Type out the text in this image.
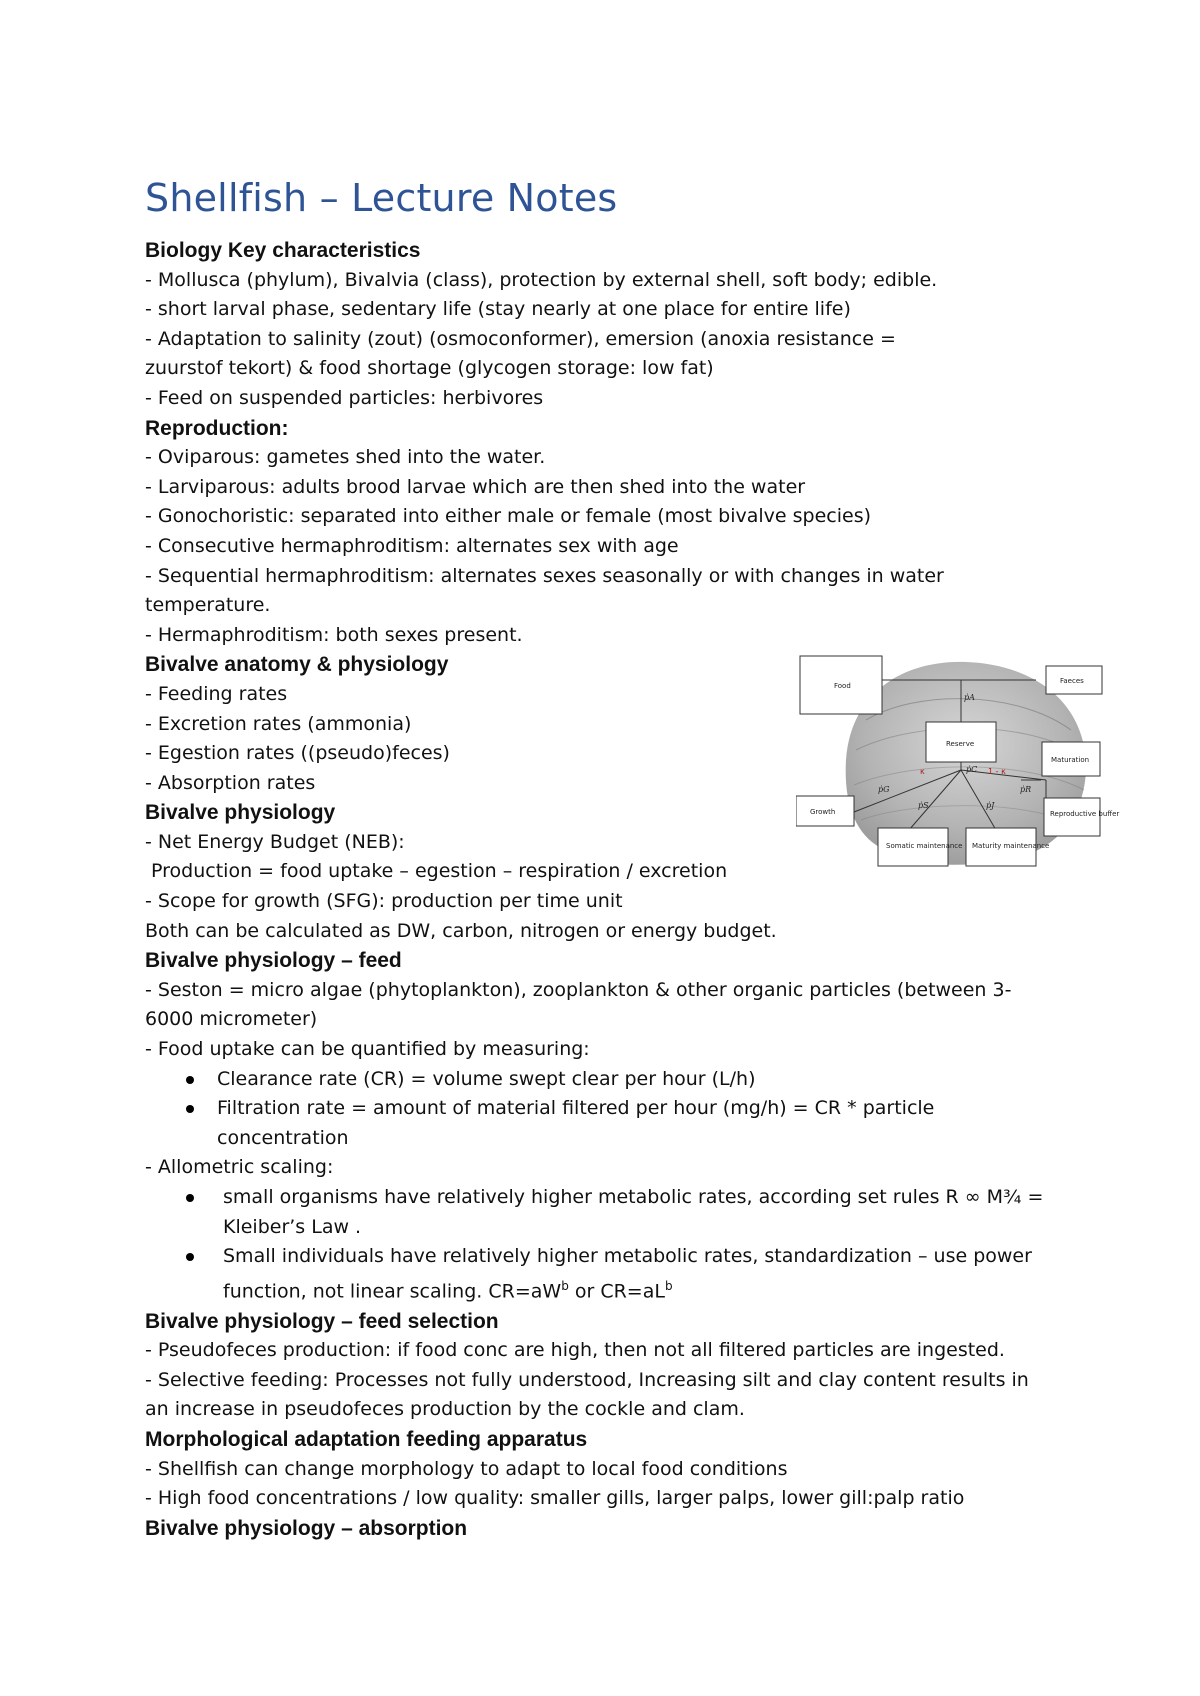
Shellfish – Lecture Notes
Biology Key characteristics
- Mollusca (phylum), Bivalvia (class), protection by external shell, soft body; edible.
- short larval phase, sedentary life (stay nearly at one place for entire life)
- Adaptation to salinity (zout) (osmoconformer), emersion (anoxia resistance = zuurstof tekort) & food shortage (glycogen storage: low fat)
- Feed on suspended particles: herbivores
Reproduction:
- Oviparous: gametes shed into the water.
- Larviparous: adults brood larvae which are then shed into the water
- Gonochoristic: separated into either male or female (most bivalve species)
- Consecutive hermaphroditism: alternates sex with age
- Sequential hermaphroditism: alternates sexes seasonally or with changes in water temperature.
- Hermaphroditism: both sexes present.
Bivalve anatomy & physiology
- Feeding rates
- Excretion rates (ammonia)
- Egestion rates ((pseudo)feces)
- Absorption rates
Bivalve physiology
- Net Energy Budget (NEB):
Production = food uptake – egestion – respiration / excretion
- Scope for growth (SFG): production per time unit
Both can be calculated as DW, carbon, nitrogen or energy budget.
Bivalve physiology – feed
- Seston = micro algae (phytoplankton), zooplankton & other organic particles (between 3-6000 micrometer)
- Food uptake can be quantified by measuring:
Clearance rate (CR) = volume swept clear per hour (L/h)
Filtration rate = amount of material filtered per hour (mg/h) = CR * particle concentration
- Allometric scaling:
small organisms have relatively higher metabolic rates, according set rules R ∞ M¾ = Kleiber’s Law .
Small individuals have relatively higher metabolic rates, standardization – use power function, not linear scaling. $CR=aW^b$ or $CR=aL^b$
Bivalve physiology – feed selection
- Pseudofeces production: if food conc are high, then not all filtered particles are ingested.
- Selective feeding: Processes not fully understood, Increasing silt and clay content results in an increase in pseudofeces production by the cockle and clam.
Morphological adaptation feeding apparatus
- Shellfish can change morphology to adapt to local food conditions
- High food concentrations / low quality: smaller gills, larger palps, lower gill:palp ratio
Bivalve physiology – absorption
Food
Faeces
Reserve
Maturation
Growth	Reproductive buffer
Somatic maintenance Maturity maintenance
ṗA
ṗC
κ	1 - κ
ṗG
ṗS	ṗJ
ṗR
